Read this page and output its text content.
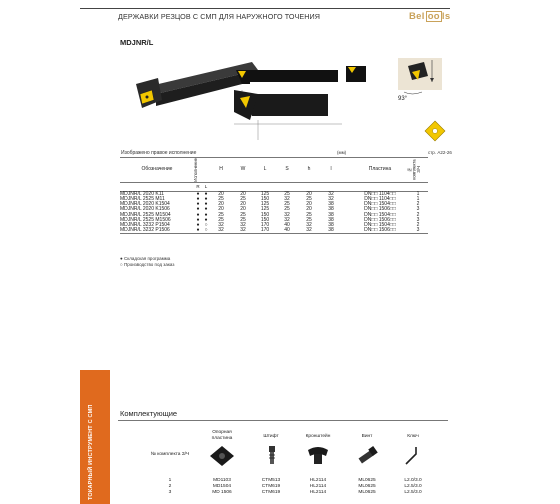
ДЕРЖАВКИ РЕЗЦОВ С СМП ДЛЯ НАРУЖНОГО ТОЧЕНИЯ	Bel oo ls
MDJNR/L
93°
Изображено правое исполнение	(мм)	стр. A22-26
Обозначение	Исполнение		H	W	L	S	h	l		Пластина	№ комплекта З/Ч

	R	L									
MDJNR/L 2020 K11	●	●	20	20	125	25	20	32		DN□□ 1104□□	1
MDJNR/L 2525 M11	●	●	25	25	150	32	25	32		DN□□ 1104□□	1
MDJNR/L 2020 K1504	●	●	20	20	125	25	20	38		DN□□ 1504□□	2
MDJNR/L 2020 K1506	●	●	20	20	125	25	20	38		DN□□ 1506□□	3
MDJNR/L 2525 M1504	●	●	25	25	150	32	25	38		DN□□ 1504□□	2
MDJNR/L 2525 M1506	●	●	25	25	150	32	25	38		DN□□ 1506□□	3
MDJNR/L 3232 P1504	●	○	32	32	170	40	32	38		DN□□ 1504□□	2
MDJNR/L 3232 P1506	●	○	32	32	170	40	32	38		DN□□ 1506□□	3
● Складская программа
○ Производство под заказ
ТОКАРНЫЙ ИНСТРУМЕНТ С СМП	Комплектующие
№ комплекта З/Ч
Опорная пластина	Штифт	Кронштейн	Винт	Ключ
1	MD1103	CTM513	HL2114	ML0625	L2.0/3.0
2	MD1504	CTM619	HL2114	ML0625	L2.5/3.0
3	MD 1506	CTM619	HL2114	ML0625	L2.5/3.0
